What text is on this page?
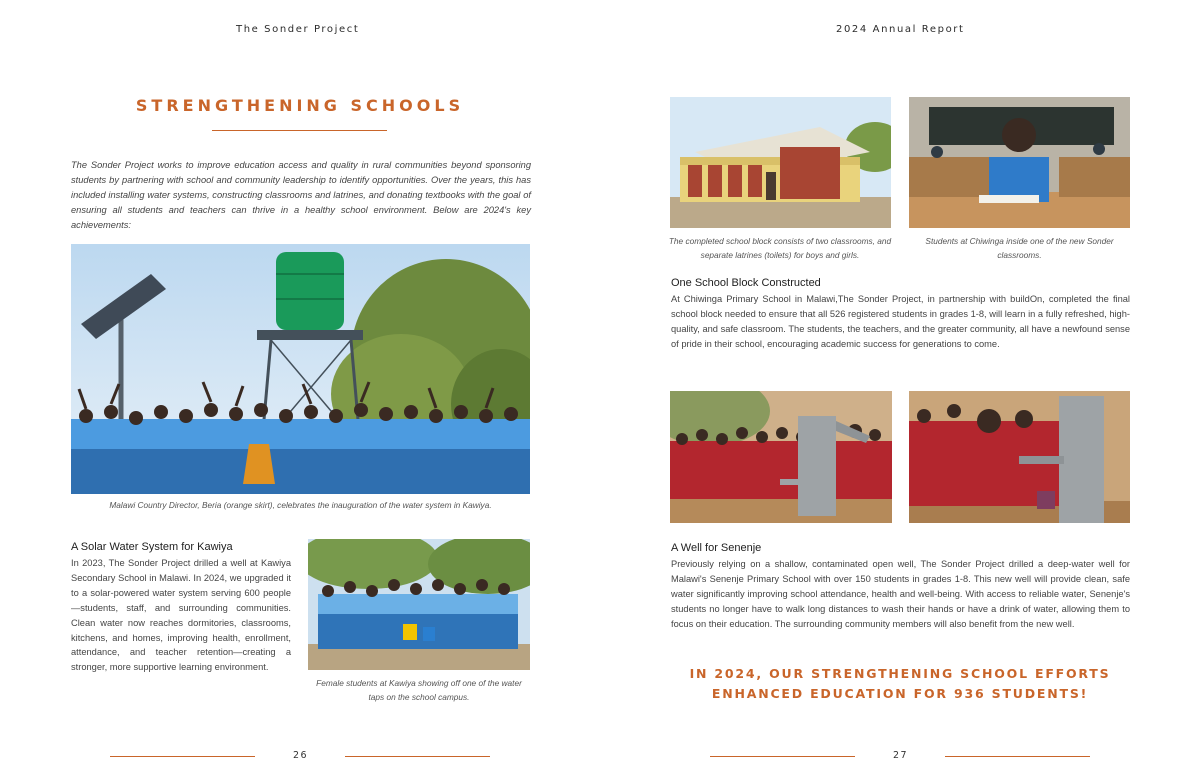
The Sonder Project
STRENGTHENING SCHOOLS
The Sonder Project works to improve education access and quality in rural communities beyond sponsoring students by partnering with school and community leadership to identify opportunities. Over the years, this has included installing water systems, constructing classrooms and latrines, and donating textbooks with the goal of ensuring all students and teachers can thrive in a healthy school environment. Below are 2024's key achievements:
Malawi Country Director, Beria (orange skirt), celebrates the inauguration of the water system in Kawiya.
A Solar Water System for Kawiya
In 2023, The Sonder Project drilled a well at Kawiya Secondary School in Malawi. In 2024, we upgraded it to a solar-powered water system serving 600 people—students, staff, and surrounding communities. Clean water now reaches dormitories, classrooms, kitchens, and homes, improving health, enrollment, attendance, and teacher retention—creating a stronger, more supportive learning environment.
Female students at Kawiya showing off one of the water taps on the school campus.
26
2024 Annual Report
The completed school block consists of two classrooms, and separate latrines (toilets) for boys and girls.
Students at Chiwinga inside one of the new Sonder classrooms.
One School Block Constructed
At Chiwinga Primary School in Malawi,The Sonder Project, in partnership with buildOn, completed the final school block needed to ensure that all 526 registered students in grades 1-8, will learn in a fully refreshed, high-quality, and safe classroom. The students, the teachers, and the greater community, all have a newfound sense of pride in their school, encouraging academic success for generations to come.
A Well for Senenje
Previously relying on a shallow, contaminated open well, The Sonder Project drilled a deep-water well for Malawi's Senenje Primary School with over 150 students in grades 1-8. This new well will provide clean, safe water significantly improving school attendance, health and well-being. With access to reliable water, Senenje's students no longer have to walk long distances to wash their hands or have a drink of water, allowing them to focus on their education. The surrounding community members will also benefit from the new well.
IN 2024, OUR STRENGTHENING SCHOOL EFFORTS
ENHANCED EDUCATION FOR 936 STUDENTS!
27
